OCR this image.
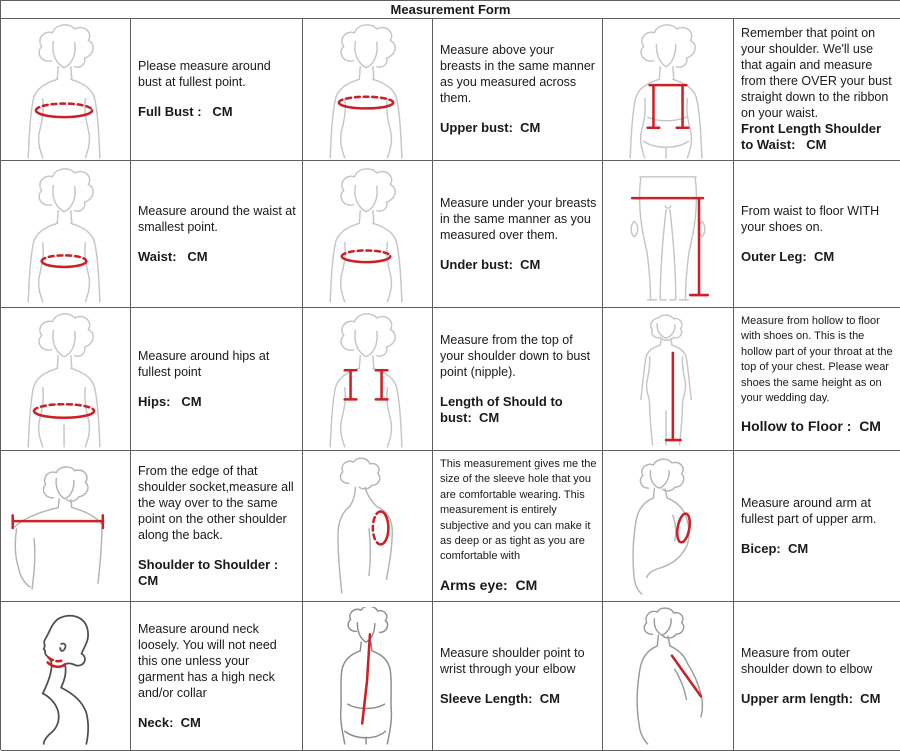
Measurement Form

Please measure around bust at fullest point.

Full Bust :   CM

Measure above your breasts in the same manner as you measured across them.

Upper bust:  CM

Remember that point on your shoulder. We'll use that again and measure from there OVER your bust straight down to the ribbon on your waist.

Front Length Shoulder to Waist:   CM

Measure around the waist at smallest point.

Waist:   CM

Measure under your breasts in the same manner as you measured over them.

Under bust:  CM

From waist to floor WITH your shoes on.

Outer Leg:  CM

Measure around hips at fullest point

Hips:   CM

Measure from the top of your shoulder down to bust point (nipple).

Length of Should to bust:  CM

Measure from hollow to floor with shoes on. This is the hollow part of your throat at the top of your chest. Please wear shoes the same height as on your wedding day.

Hollow to Floor :  CM

From the edge of that shoulder socket,measure all the way over to the same point on the other shoulder along the back.

Shoulder to Shoulder :  CM

This measurement gives me the size of the sleeve hole that you are comfortable wearing. This measurement is entirely subjective and you can make it as deep or as tight as you are comfortable with

Arms eye:  CM

Measure around arm at fullest part of upper arm.

Bicep:  CM

Measure around neck loosely. You will not need this one unless your garment has a high neck and/or collar

Neck:  CM

Measure shoulder point to wrist through your elbow

Sleeve Length:  CM

Measure from outer shoulder down to elbow

Upper arm length:  CM
